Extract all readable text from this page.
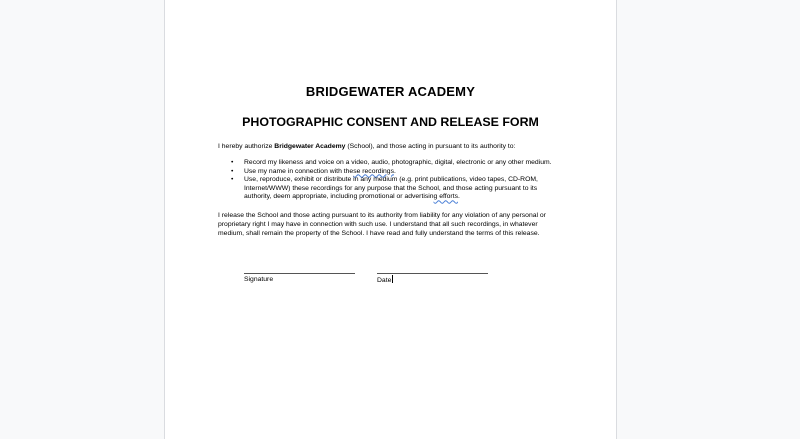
BRIDGEWATER ACADEMY
PHOTOGRAPHIC CONSENT AND RELEASE FORM

I hereby authorize Bridgewater Academy (School), and those acting in pursuant to its authority to:

• Record my likeness and voice on a video, audio, photographic, digital, electronic or any other medium.
• Use my name in connection with these recordings.
• Use, reproduce, exhibit or distribute in any medium (e.g. print publications, video tapes, CD-ROM, Internet/WWW) these recordings for any purpose that the School, and those acting pursuant to its authority, deem appropriate, including promotional or advertising efforts.

I release the School and those acting pursuant to its authority from liability for any violation of any personal or proprietary right I may have in connection with such use. I understand that all such recordings, in whatever medium, shall remain the property of the School. I have read and fully understand the terms of this release.

Signature	Date
